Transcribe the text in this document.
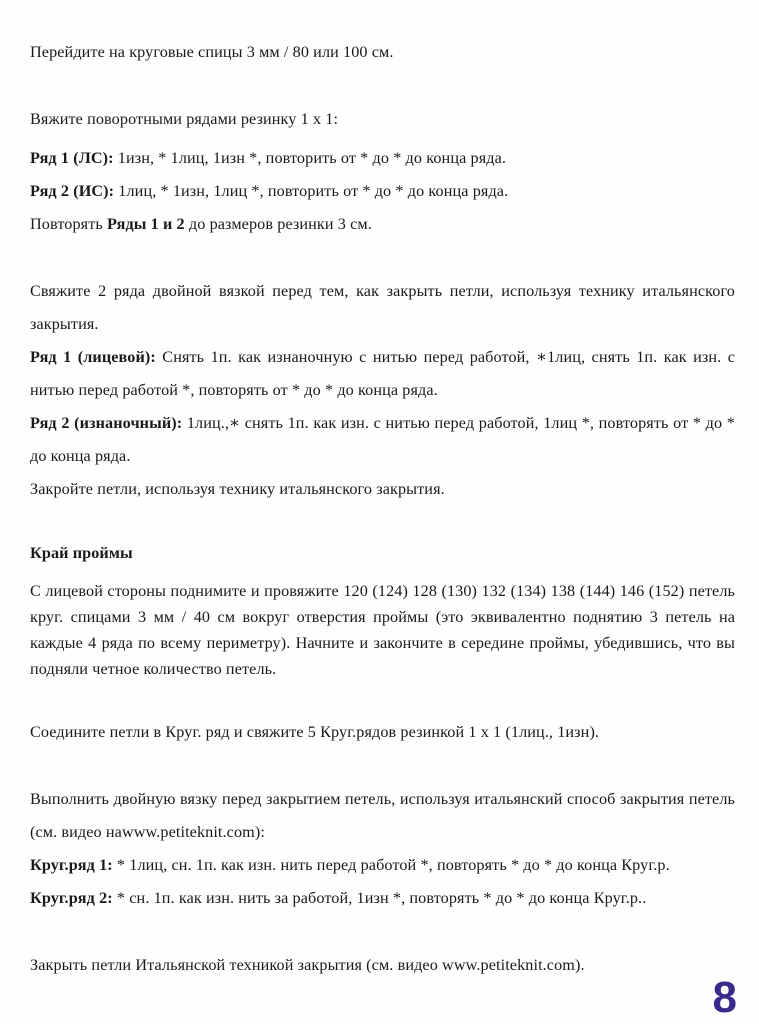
Перейдите на круговые спицы 3 мм / 80 или 100 см.

Вяжите поворотными рядами резинку 1 х 1:

Ряд 1 (ЛС): 1изн, * 1лиц, 1изн *, повторить от * до * до конца ряда.

Ряд 2 (ИС): 1лиц, * 1изн, 1лиц *, повторить от * до * до конца ряда.

Повторять Ряды 1 и 2 до размеров резинки 3 см.

Свяжите 2 ряда двойной вязкой перед тем, как закрыть петли, используя технику итальянского закрытия.

Ряд 1 (лицевой): Снять 1п. как изнаночную с нитью перед работой, ∗1лиц, снять 1п. как изн. с нитью перед работой *, повторять от * до * до конца ряда.

Ряд 2 (изнаночный): 1лиц.,∗ снять 1п. как изн. с нитью перед работой, 1лиц *, повторять от * до * до конца ряда.

Закройте петли, используя технику итальянского закрытия.

Край проймы

С лицевой стороны поднимите и провяжите 120 (124) 128 (130) 132 (134) 138 (144) 146 (152) петель круг. спицами 3 мм / 40 см вокруг отверстия проймы (это эквивалентно поднятию 3 петель на каждые 4 ряда по всему периметру). Начните и закончите в середине проймы, убедившись, что вы подняли четное количество петель.

Соедините петли в Круг. ряд и свяжите 5 Круг.рядов резинкой 1 х 1 (1лиц., 1изн).

Выполнить двойную вязку перед закрытием петель, используя итальянский способ закрытия петель (см. видео наwww.petiteknit.com):

Круг.ряд 1: * 1лиц, сн. 1п. как изн. нить перед работой *, повторять * до * до конца Круг.р.

Круг.ряд 2: * сн. 1п. как изн. нить за работой, 1изн *, повторять * до * до конца Круг.р..

Закрыть петли Итальянской техникой закрытия (см. видео www.petiteknit.com).

8
